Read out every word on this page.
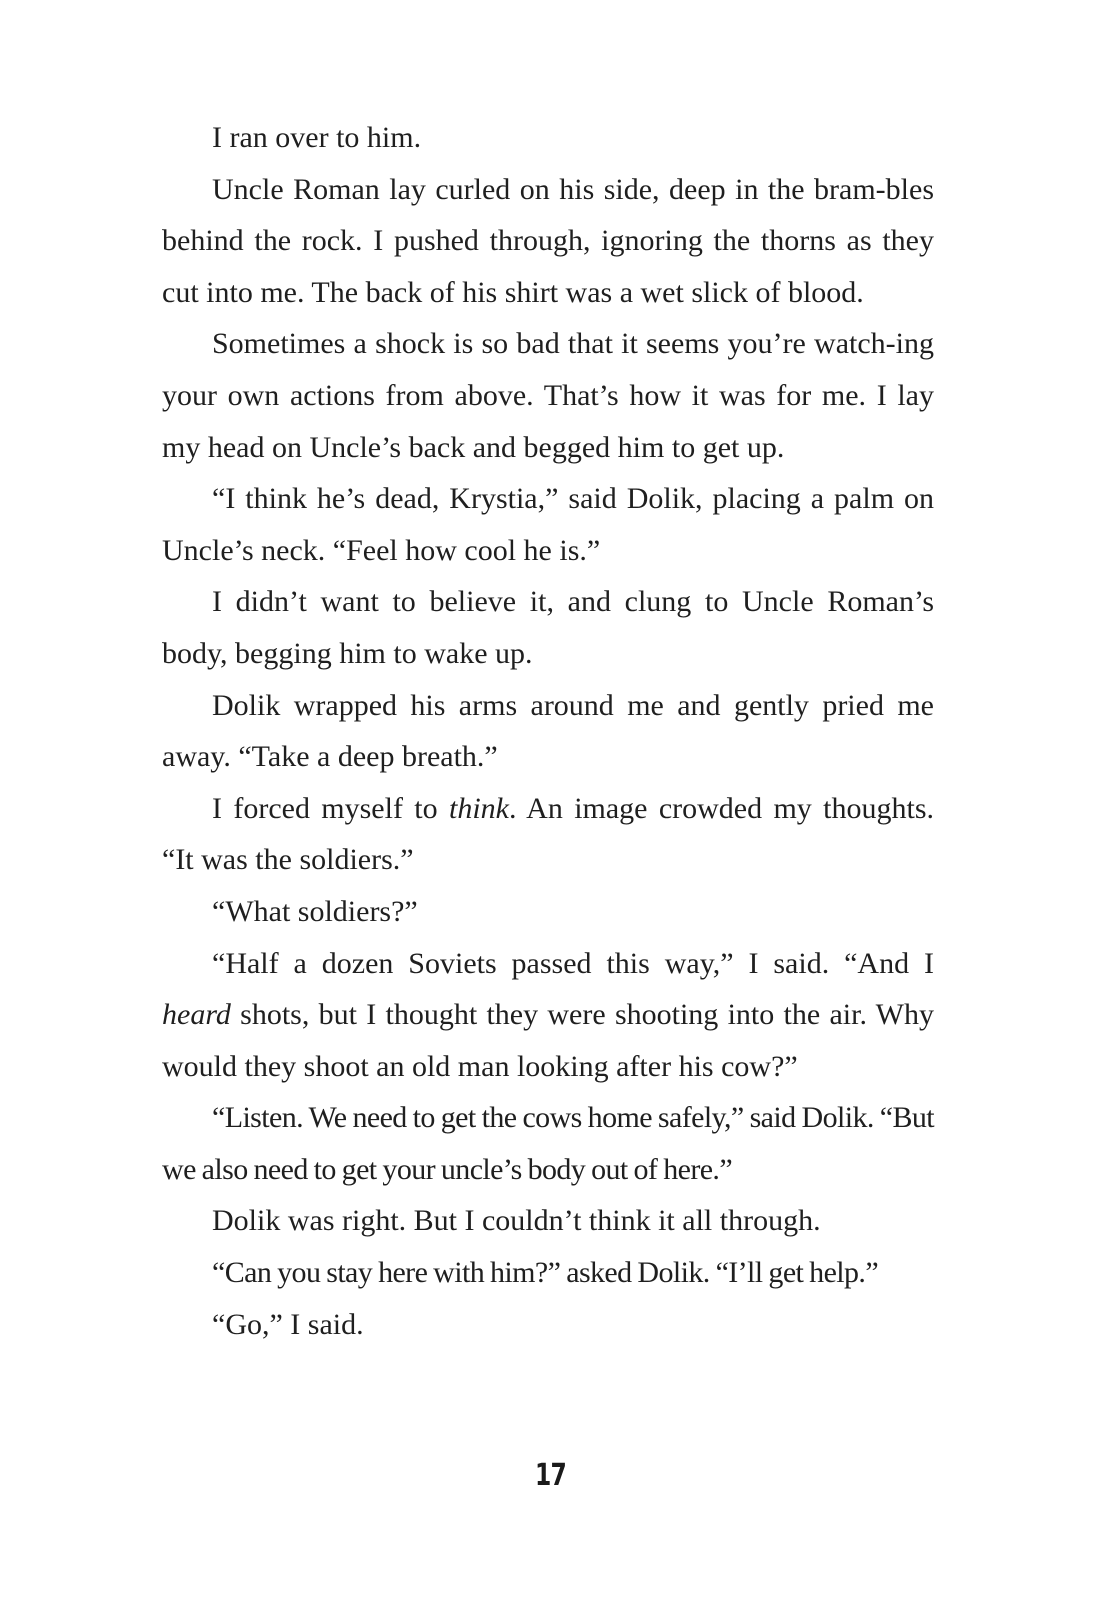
I ran over to him.

Uncle Roman lay curled on his side, deep in the bram-bles behind the rock. I pushed through, ignoring the thorns as they cut into me. The back of his shirt was a wet slick of blood.

Sometimes a shock is so bad that it seems you’re watch-ing your own actions from above. That’s how it was for me. I lay my head on Uncle’s back and begged him to get up.

“I think he’s dead, Krystia,” said Dolik, placing a palm on Uncle’s neck. “Feel how cool he is.”

I didn’t want to believe it, and clung to Uncle Roman’s body, begging him to wake up.

Dolik wrapped his arms around me and gently pried me away. “Take a deep breath.”

I forced myself to think. An image crowded my thoughts. “It was the soldiers.”

“What soldiers?”

“Half a dozen Soviets passed this way,” I said. “And I heard shots, but I thought they were shooting into the air. Why would they shoot an old man looking after his cow?”

“Listen. We need to get the cows home safely,” said Dolik. “But we also need to get your uncle’s body out of here.”

Dolik was right. But I couldn’t think it all through.

“Can you stay here with him?” asked Dolik. “I’ll get help.”

“Go,” I said.

17
